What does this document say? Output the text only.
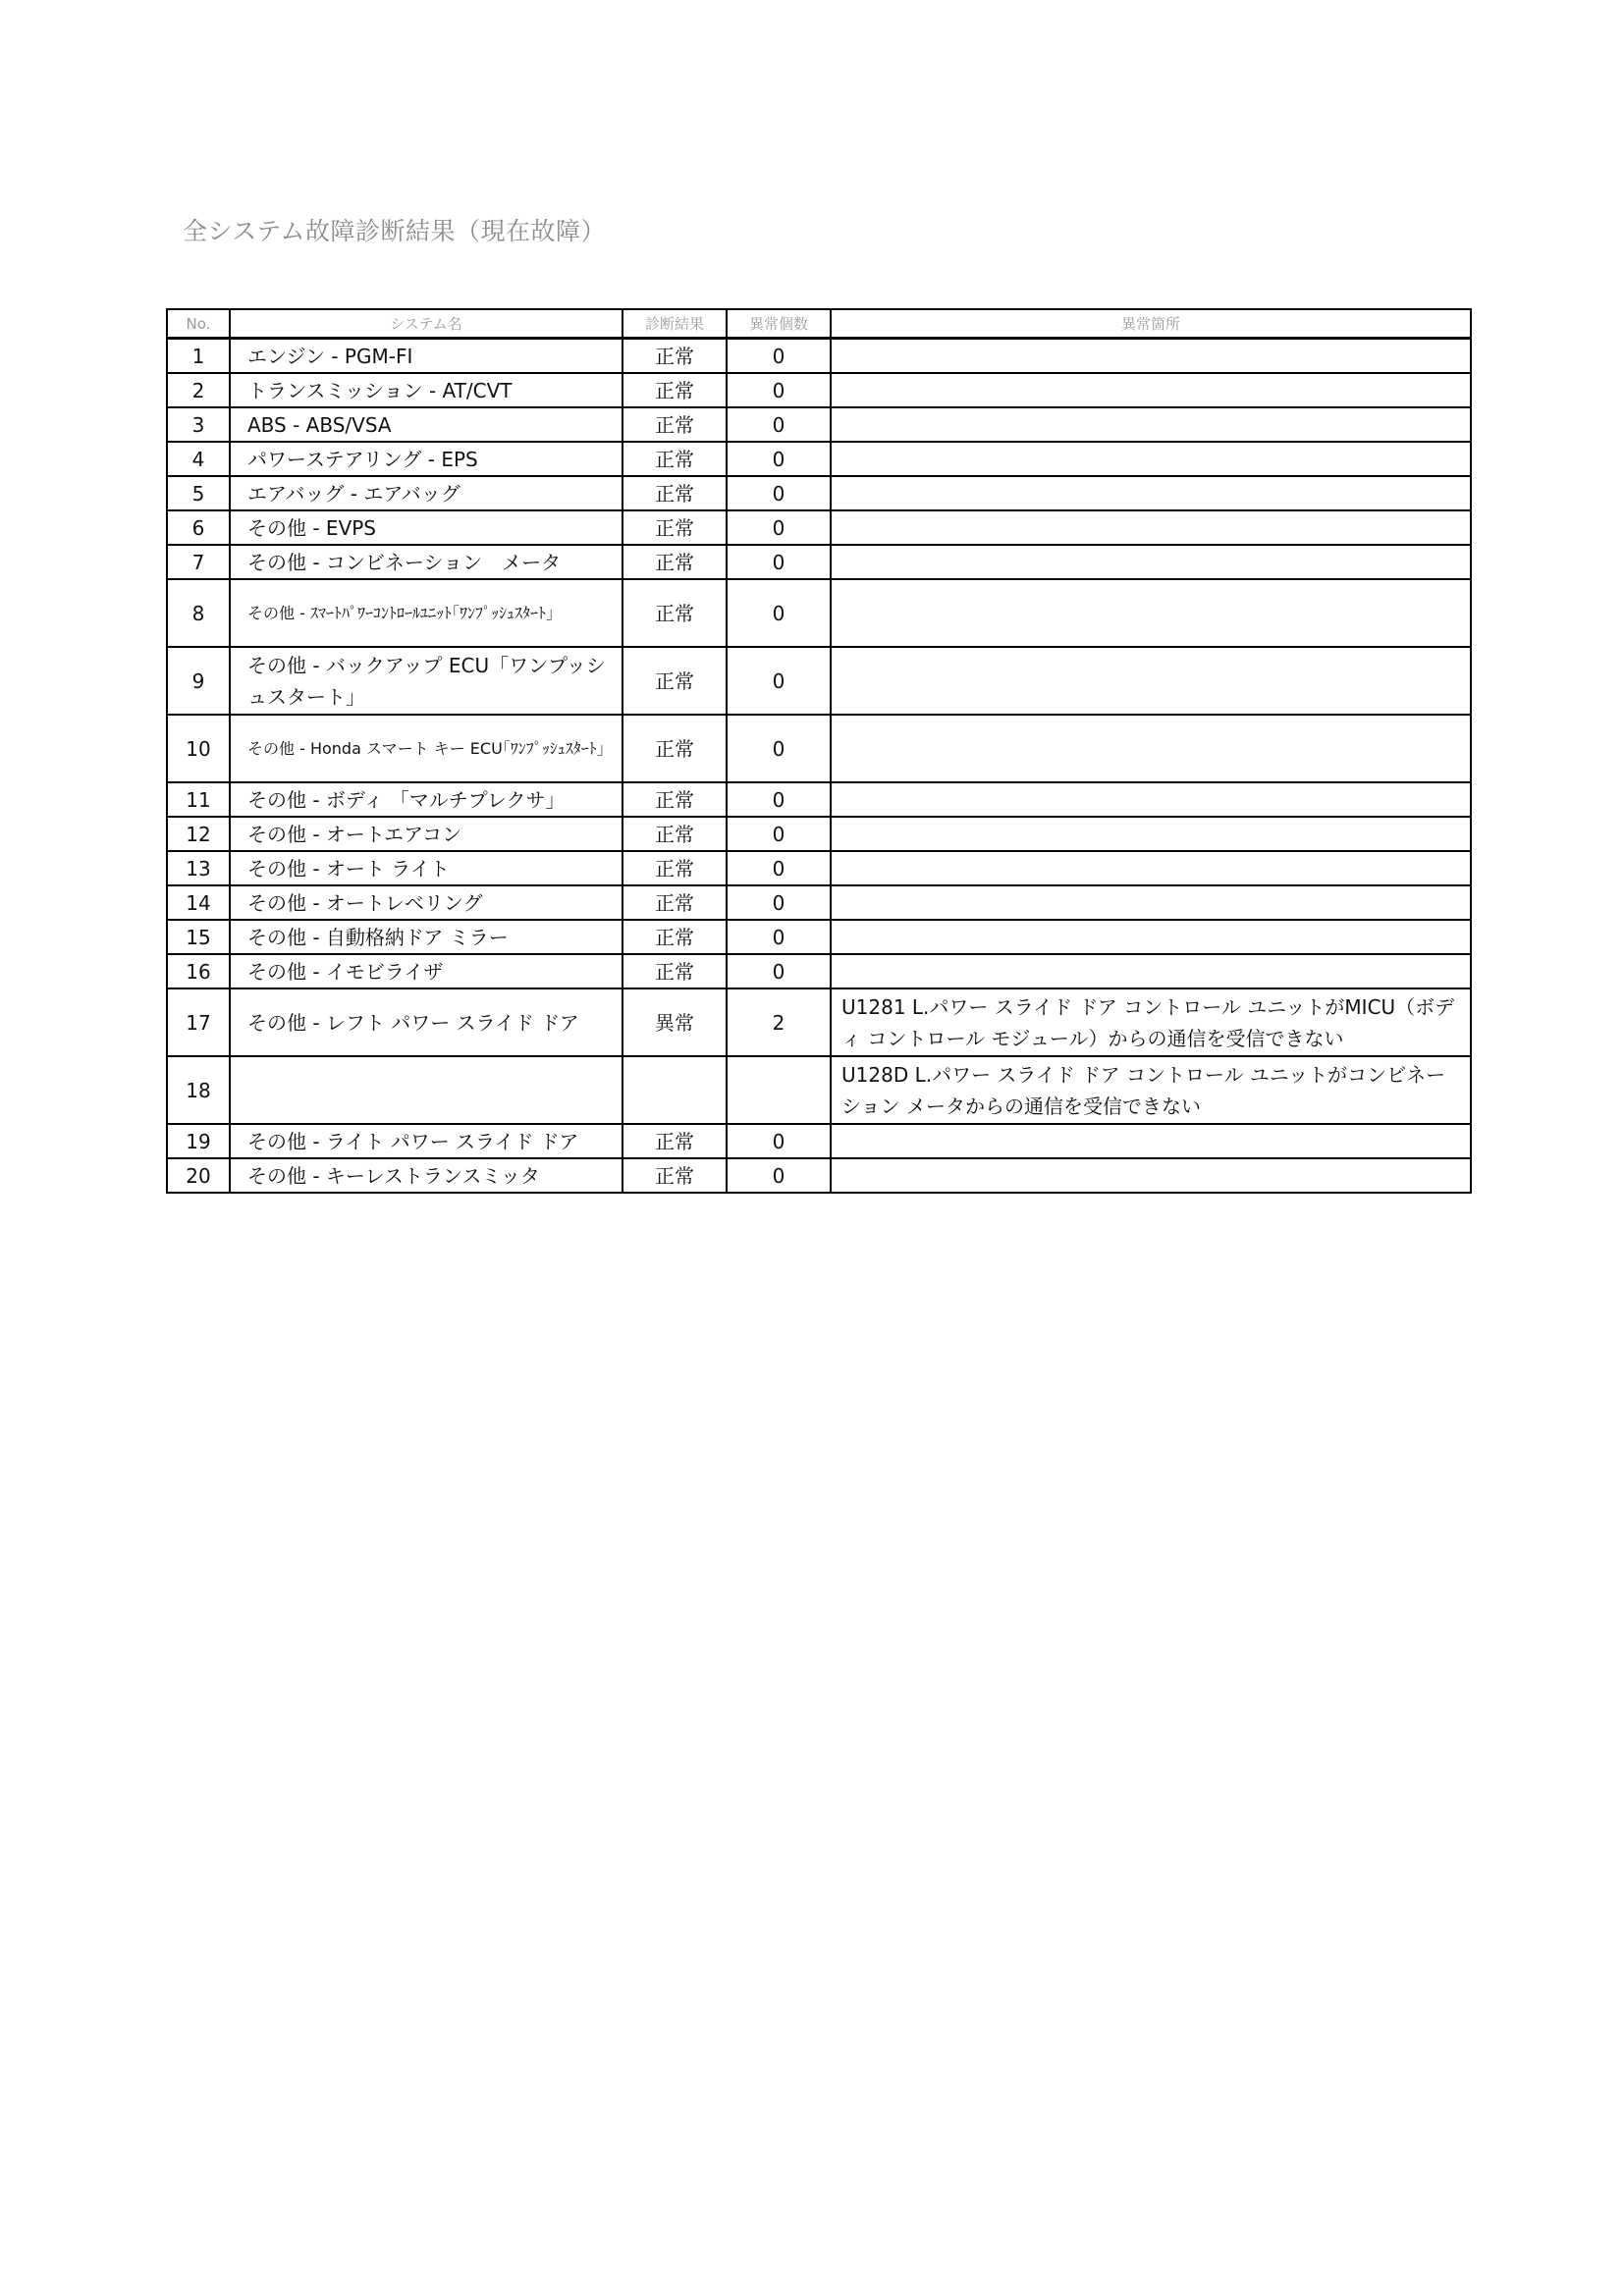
全システム故障診断結果（現在故障）
No.	システム名	診断結果	異常個数	異常箇所
1	エンジン - PGM-FI	正常	0	
2	トランスミッション - AT/CVT	正常	0	
3	ABS - ABS/VSA	正常	0	
4	パワーステアリング - EPS	正常	0	
5	エアバッグ - エアバッグ	正常	0	
6	その他 - EVPS	正常	0	
7	その他 - コンビネーション　メータ	正常	0	
8	その他 - ｽﾏｰﾄﾊﾟﾜｰｺﾝﾄﾛｰﾙﾕﾆｯﾄ｢ﾜﾝﾌﾟｯｼｭｽﾀｰﾄ｣	正常	0	
9	その他 - バックアップ ECU「ワンプッシュスタート」	正常	0	
10	その他 - Honda スマート キー ECU｢ﾜﾝﾌﾟｯｼｭｽﾀｰﾄ｣	正常	0	
11	その他 - ボディ 「マルチプレクサ」	正常	0	
12	その他 - オートエアコン	正常	0	
13	その他 - オート ライト	正常	0	
14	その他 - オートレベリング	正常	0	
15	その他 - 自動格納ドア ミラー	正常	0	
16	その他 - イモビライザ	正常	0	
17	その他 - レフト パワー スライド ドア	異常	2	U1281 L.パワー スライド ドア コントロール ユニットがMICU（ボディ コントロール モジュール）からの通信を受信できない
18				U128D L.パワー スライド ドア コントロール ユニットがコンビネーション メータからの通信を受信できない
19	その他 - ライト パワー スライド ドア	正常	0	
20	その他 - キーレストランスミッタ	正常	0	
